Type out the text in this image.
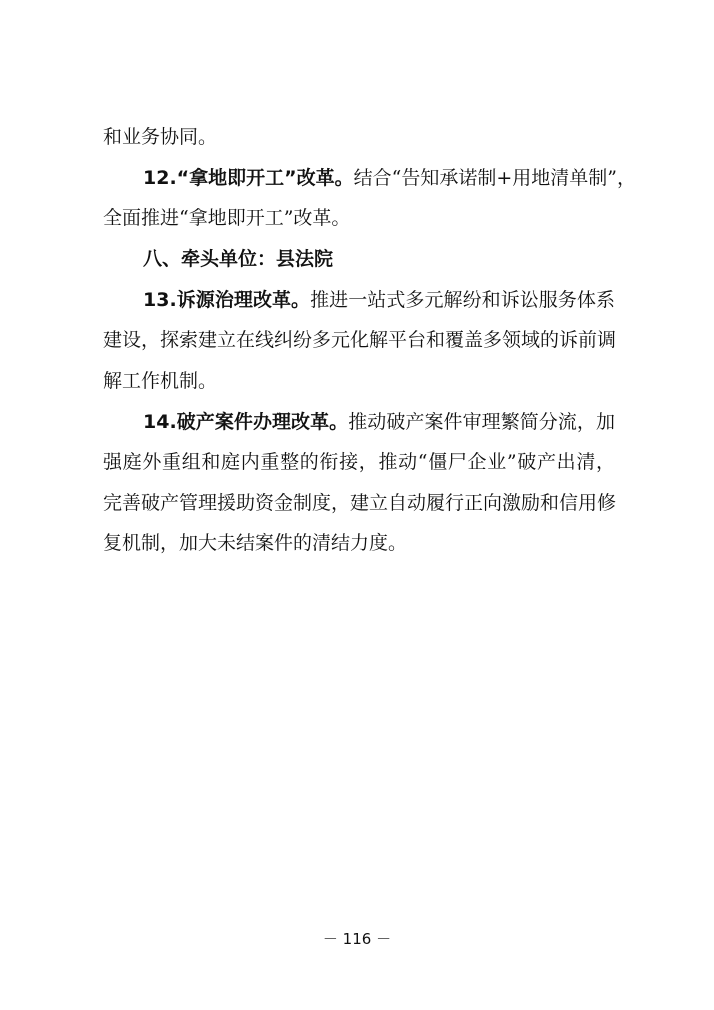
和业务协同。
12.“拿地即开工”改革。结合“告知承诺制+用地清单制”，
全面推进“拿地即开工”改革。
八、牵头单位：县法院
13.诉源治理改革。推进一站式多元解纷和诉讼服务体系
建设，探索建立在线纠纷多元化解平台和覆盖多领域的诉前调
解工作机制。
14.破产案件办理改革。推动破产案件审理繁简分流，加
强庭外重组和庭内重整的衔接，推动“僵尸企业”破产出清，
完善破产管理援助资金制度，建立自动履行正向激励和信用修
复机制，加大未结案件的清结力度。
－ 116 －
